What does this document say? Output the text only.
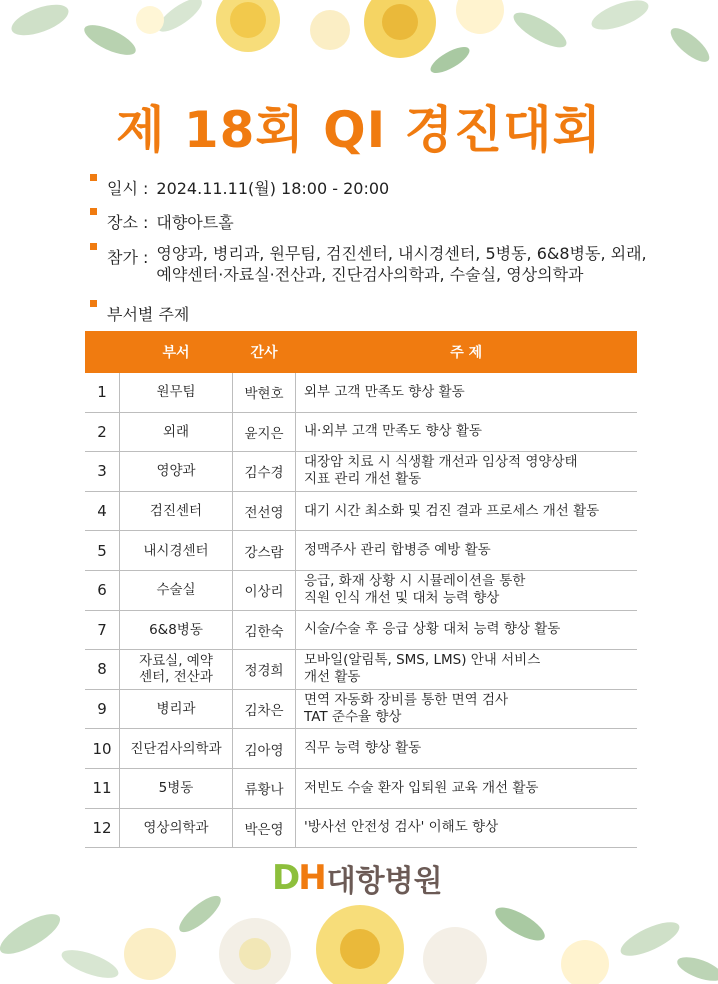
제 18회 QI 경진대회
일시 : 2024.11.11(월) 18:00 - 20:00
장소 : 대향아트홀
참가 : 영양과, 병리과, 원무팀, 검진센터, 내시경센터, 5병동, 6&8병동, 외래,
예약센터·자료실·전산과, 진단검사의학과, 수술실, 영상의학과
부서별 주제
	부서	간사	주 제
1	원무팀	박현호	외부 고객 만족도 향상 활동
2	외래	윤지은	내·외부 고객 만족도 향상 활동
3	영양과	김수경	대장암 치료 시 식생활 개선과 임상적 영양상태
지표 관리 개선 활동
4	검진센터	전선영	대기 시간 최소화 및 검진 결과 프로세스 개선 활동
5	내시경센터	강스람	정맥주사 관리 합병증 예방 활동
6	수술실	이상리	응급, 화재 상황 시 시뮬레이션을 통한
직원 인식 개선 및 대처 능력 향상
7	6&8병동	김한숙	시술/수술 후 응급 상황 대처 능력 향상 활동
8	자료실, 예약
센터, 전산과	정경희	모바일(알림톡, SMS, LMS) 안내 서비스
개선 활동
9	병리과	김차은	면역 자동화 장비를 통한 면역 검사
TAT 준수율 향상
10	진단검사의학과	김아영	직무 능력 향상 활동
11	5병동	류황나	저빈도 수술 환자 입퇴원 교육 개선 활동
12	영상의학과	박은영	'방사선 안전성 검사' 이해도 향상
DH 대항병원
